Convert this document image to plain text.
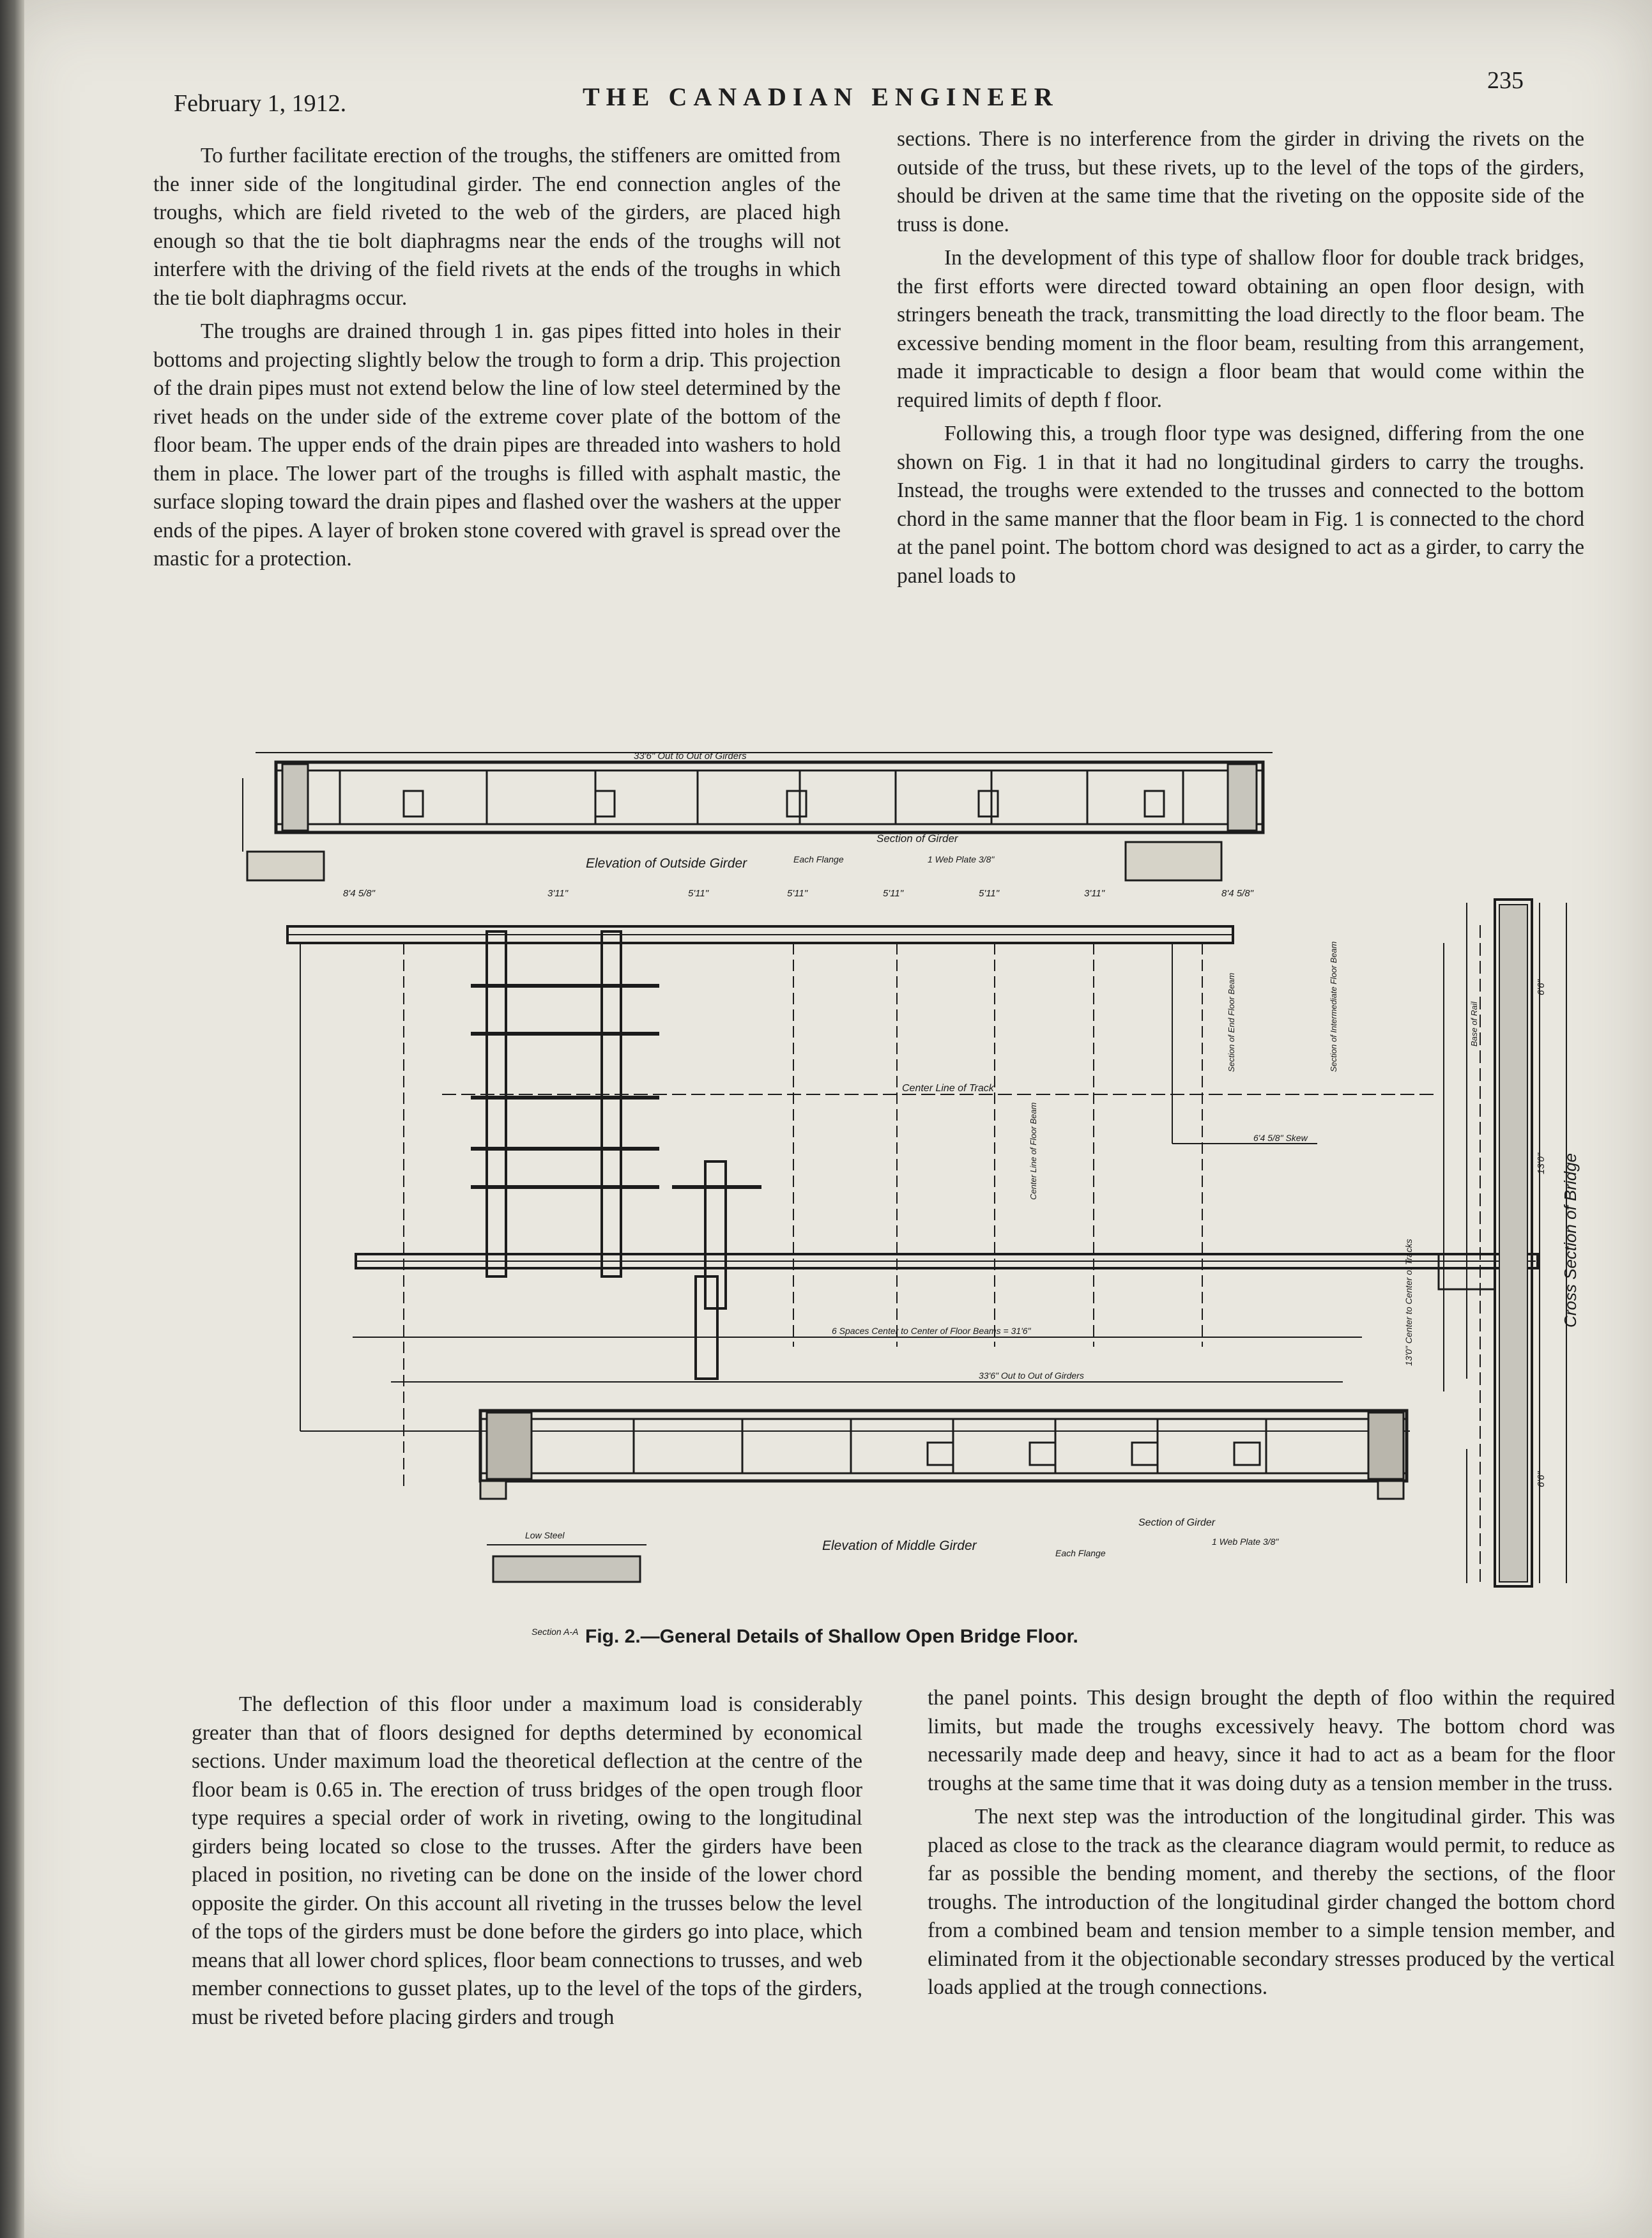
February 1, 1912.	THE CANADIAN ENGINEER
235

To further facilitate erection of the troughs, the stiffeners are omitted from the inner side of the longitudinal girder. The end connection angles of the troughs, which are field riveted to the web of the girders, are placed high enough so that the tie bolt diaphragms near the ends of the troughs will not interfere with the driving of the field rivets at the ends of the troughs in which the tie bolt diaphragms occur.

The troughs are drained through 1 in. gas pipes fitted into holes in their bottoms and projecting slightly below the trough to form a drip. This projection of the drain pipes must not extend below the line of low steel determined by the rivet heads on the under side of the extreme cover plate of the bottom of the floor beam. The upper ends of the drain pipes are threaded into washers to hold them in place. The lower part of the troughs is filled with asphalt mastic, the surface sloping toward the drain pipes and flashed over the washers at the upper ends of the pipes. A layer of broken stone covered with gravel is spread over the mastic for a protection.

sections. There is no interference from the girder in driving the rivets on the outside of the truss, but these rivets, up to the level of the tops of the girders, should be driven at the same time that the riveting on the opposite side of the truss is done.

In the development of this type of shallow floor for double track bridges, the first efforts were directed toward obtaining an open floor design, with stringers beneath the track, transmitting the load directly to the floor beam. The excessive bending moment in the floor beam, resulting from this arrangement, made it impracticable to design a floor beam that would come within the required limits of depth f floor.

Following this, a trough floor type was designed, differing from the one shown on Fig. 1 in that it had no longitudinal girders to carry the troughs. Instead, the troughs were extended to the trusses and connected to the bottom chord in the same manner that the floor beam in Fig. 1 is connected to the chord at the panel point. The bottom chord was designed to act as a girder, to carry the panel loads to

33'6" Out to Out of Girders
Elevation of Outside Girder
Section of Girder
Each Flange	1 Web Plate 3/8"
Center Line of Track
6'4 5/8" Skew
6 Spaces Center to Center of Floor Beams = 31'6"
33'6" Out to Out of Girders
Elevation of Middle Girder
Section of Girder
Each Flange
1 Web Plate 3/8"
Section A-A
Low Steel
Cross Section of Bridge
13'0" Center to Center of Tracks
Section of End Floor Beam	Section of Intermediate Floor Beam
Center Line of Floor Beam
Base of Rail
8'4 5/8"	3'11"	5'11"	5'11"	5'11"	5'11"	3'11"	8'4 5/8"
6'6"
13'0"
6'6"
Fig. 2.—General Details of Shallow Open Bridge Floor.

The deflection of this floor under a maximum load is considerably greater than that of floors designed for depths determined by economical sections. Under maximum load the theoretical deflection at the centre of the floor beam is 0.65 in. The erection of truss bridges of the open trough floor type requires a special order of work in riveting, owing to the longitudinal girders being located so close to the trusses. After the girders have been placed in position, no riveting can be done on the inside of the lower chord opposite the girder. On this account all riveting in the trusses below the level of the tops of the girders must be done before the girders go into place, which means that all lower chord splices, floor beam connections to trusses, and web member connections to gusset plates, up to the level of the tops of the girders, must be riveted before placing girders and trough

the panel points. This design brought the depth of floo within the required limits, but made the troughs excessively heavy. The bottom chord was necessarily made deep and heavy, since it had to act as a beam for the floor troughs at the same time that it was doing duty as a tension member in the truss.

The next step was the introduction of the longitudinal girder. This was placed as close to the track as the clearance diagram would permit, to reduce as far as possible the bending moment, and thereby the sections, of the floor troughs. The introduction of the longitudinal girder changed the bottom chord from a combined beam and tension member to a simple tension member, and eliminated from it the objectionable secondary stresses produced by the vertical loads applied at the trough connections.
